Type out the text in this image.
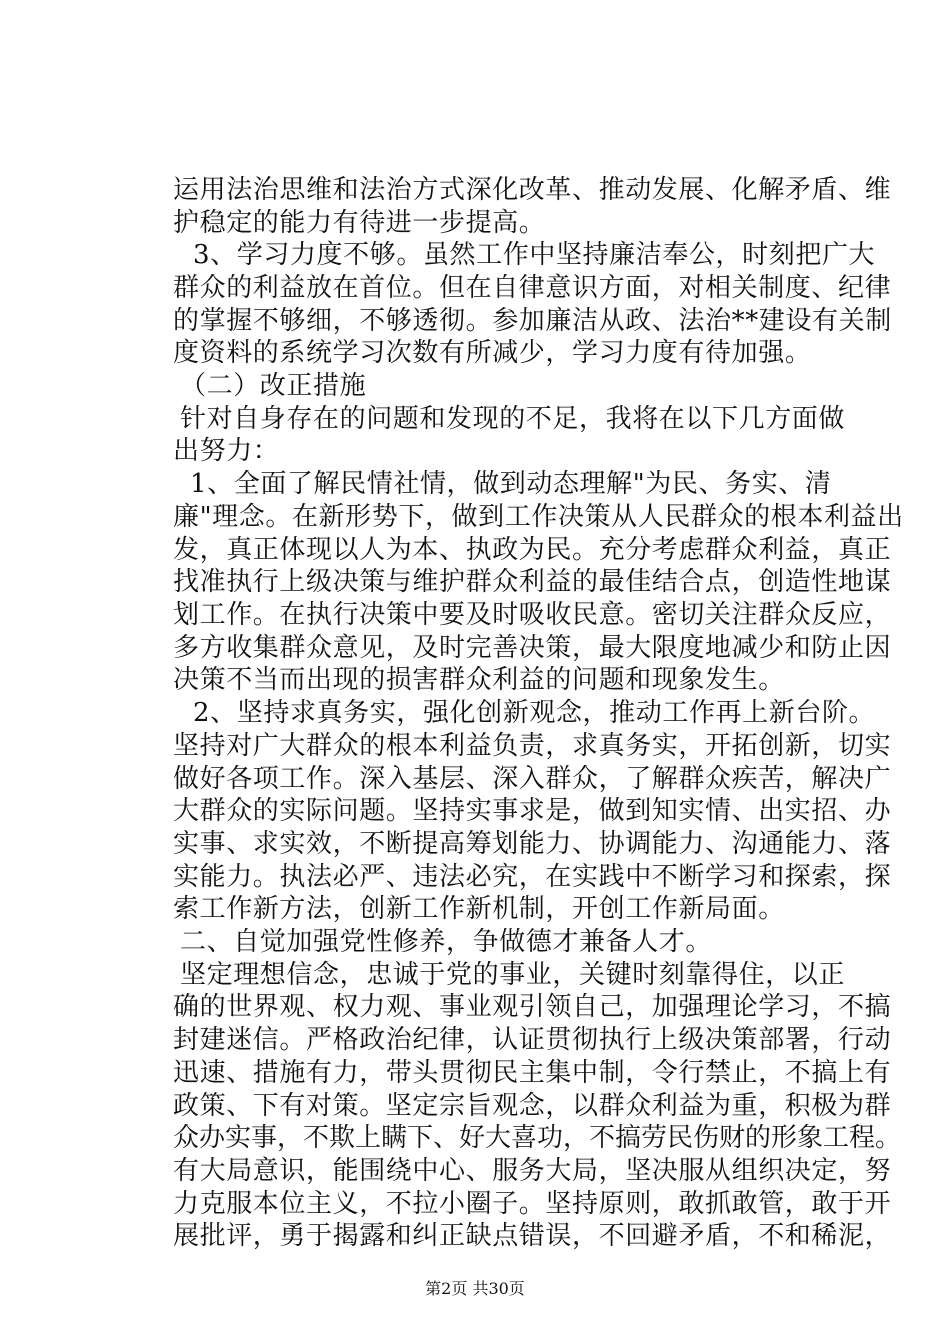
运用法治思维和法治方式深化改革、推动发展、化解矛盾、维
护稳定的能力有待进一步提高。
3、学习力度不够。虽然工作中坚持廉洁奉公，时刻把广大
群众的利益放在首位。但在自律意识方面，对相关制度、纪律
的掌握不够细，不够透彻。参加廉洁从政、法治**建设有关制
度资料的系统学习次数有所减少，学习力度有待加强。
（二）改正措施
针对自身存在的问题和发现的不足，我将在以下几方面做
出努力：
1、全面了解民情社情，做到动态理解"为民、务实、清
廉"理念。在新形势下，做到工作决策从人民群众的根本利益出
发，真正体现以人为本、执政为民。充分考虑群众利益，真正
找准执行上级决策与维护群众利益的最佳结合点，创造性地谋
划工作。在执行决策中要及时吸收民意。密切关注群众反应，
多方收集群众意见，及时完善决策，最大限度地减少和防止因
决策不当而出现的损害群众利益的问题和现象发生。
2、坚持求真务实，强化创新观念，推动工作再上新台阶。
坚持对广大群众的根本利益负责，求真务实，开拓创新，切实
做好各项工作。深入基层、深入群众，了解群众疾苦，解决广
大群众的实际问题。坚持实事求是，做到知实情、出实招、办
实事、求实效，不断提高筹划能力、协调能力、沟通能力、落
实能力。执法必严、违法必究，在实践中不断学习和探索，探
索工作新方法，创新工作新机制，开创工作新局面。
二、自觉加强党性修养，争做德才兼备人才。
坚定理想信念，忠诚于党的事业，关键时刻靠得住，以正
确的世界观、权力观、事业观引领自己，加强理论学习，不搞
封建迷信。严格政治纪律，认证贯彻执行上级决策部署，行动
迅速、措施有力，带头贯彻民主集中制，令行禁止，不搞上有
政策、下有对策。坚定宗旨观念，以群众利益为重，积极为群
众办实事，不欺上瞒下、好大喜功，不搞劳民伤财的形象工程。
有大局意识，能围绕中心、服务大局，坚决服从组织决定，努
力克服本位主义，不拉小圈子。坚持原则，敢抓敢管，敢于开
展批评，勇于揭露和纠正缺点错误，不回避矛盾，不和稀泥，
第2页 共30页
